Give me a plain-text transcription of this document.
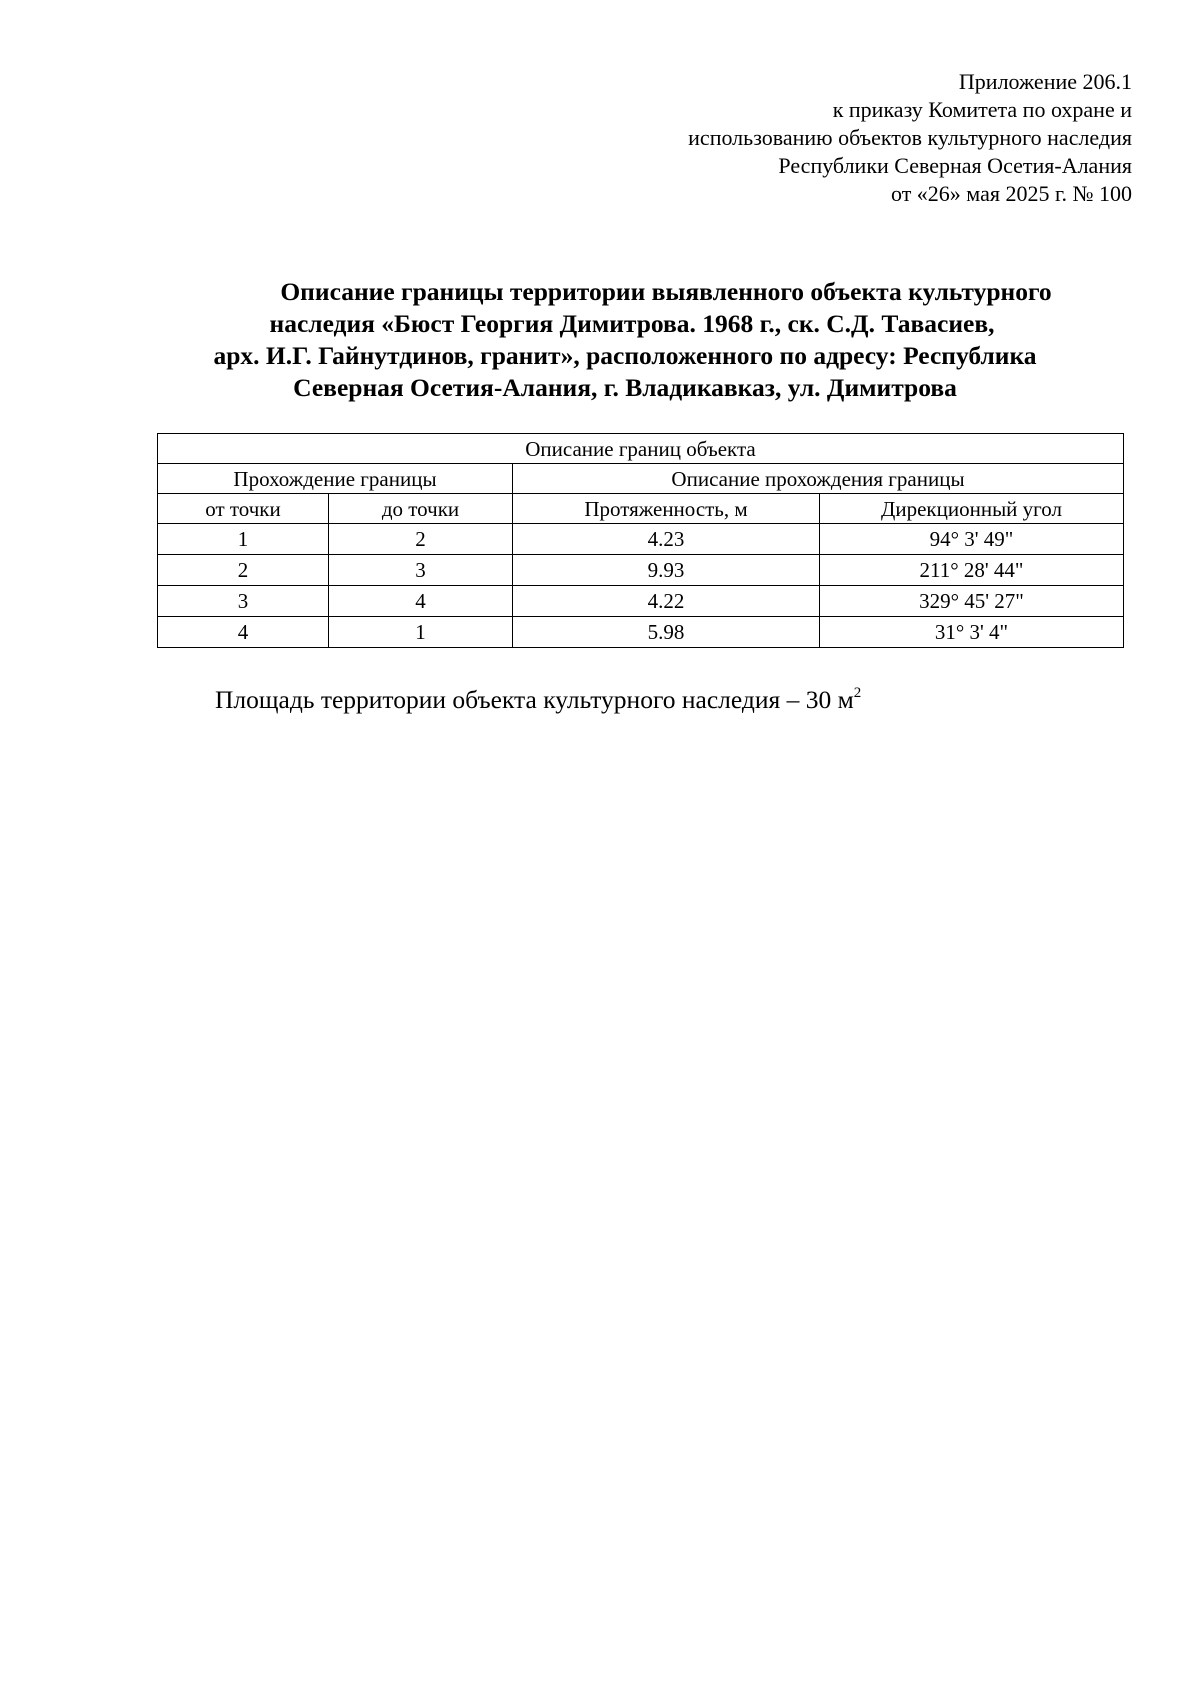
Приложение 206.1
к приказу Комитета по охране и
использованию объектов культурного наследия
Республики Северная Осетия-Алания
от «26» мая 2025 г. № 100
Описание границы территории выявленного объекта культурного
наследия «Бюст Георгия Димитрова. 1968 г., ск. С.Д. Тавасиев,
арх. И.Г. Гайнутдинов, гранит», расположенного по адресу: Республика
Северная Осетия-Алания, г. Владикавказ, ул. Димитрова
Описание границ объекта			
Прохождение границы		Описание прохождения границы	
от точки	до точки	Протяженность, м	Дирекционный угол
1	2	4.23	94° 3' 49"
2	3	9.93	211° 28' 44"
3	4	4.22	329° 45' 27"
4	1	5.98	31° 3' 4"
Площадь территории объекта культурного наследия – 30 $м^2$
